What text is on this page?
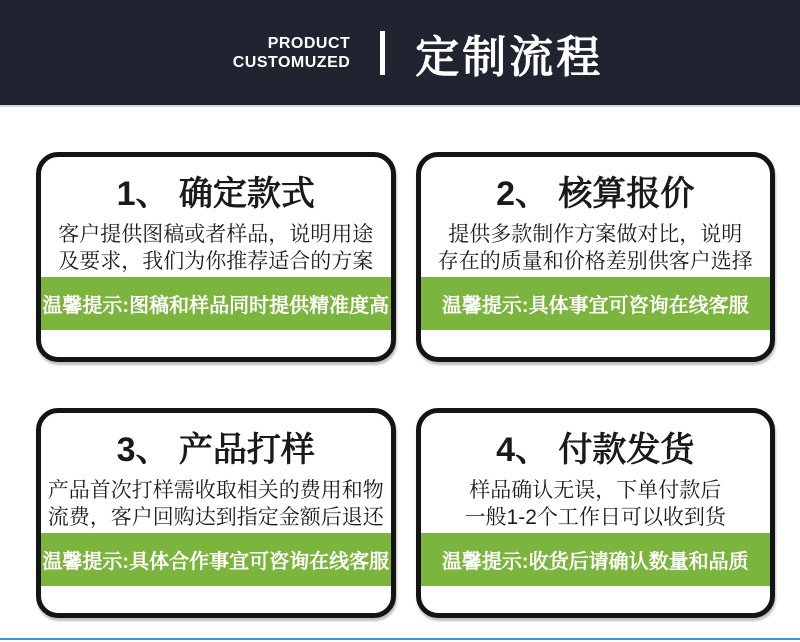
PRODUCT
CUSTOMUZED 定制流程
1、 确定款式

客户提供图稿或者样品，说明用途
及要求，我们为你推荐适合的方案

温馨提示:图稿和样品同时提供精准度高
2、 核算报价

提供多款制作方案做对比，说明
存在的质量和价格差别供客户选择

温馨提示:具体事宜可咨询在线客服
3、 产品打样

产品首次打样需收取相关的费用和物
流费，客户回购达到指定金额后退还

温馨提示:具体合作事宜可咨询在线客服
4、 付款发货

样品确认无误，下单付款后
一般1-2个工作日可以收到货

温馨提示:收货后请确认数量和品质
